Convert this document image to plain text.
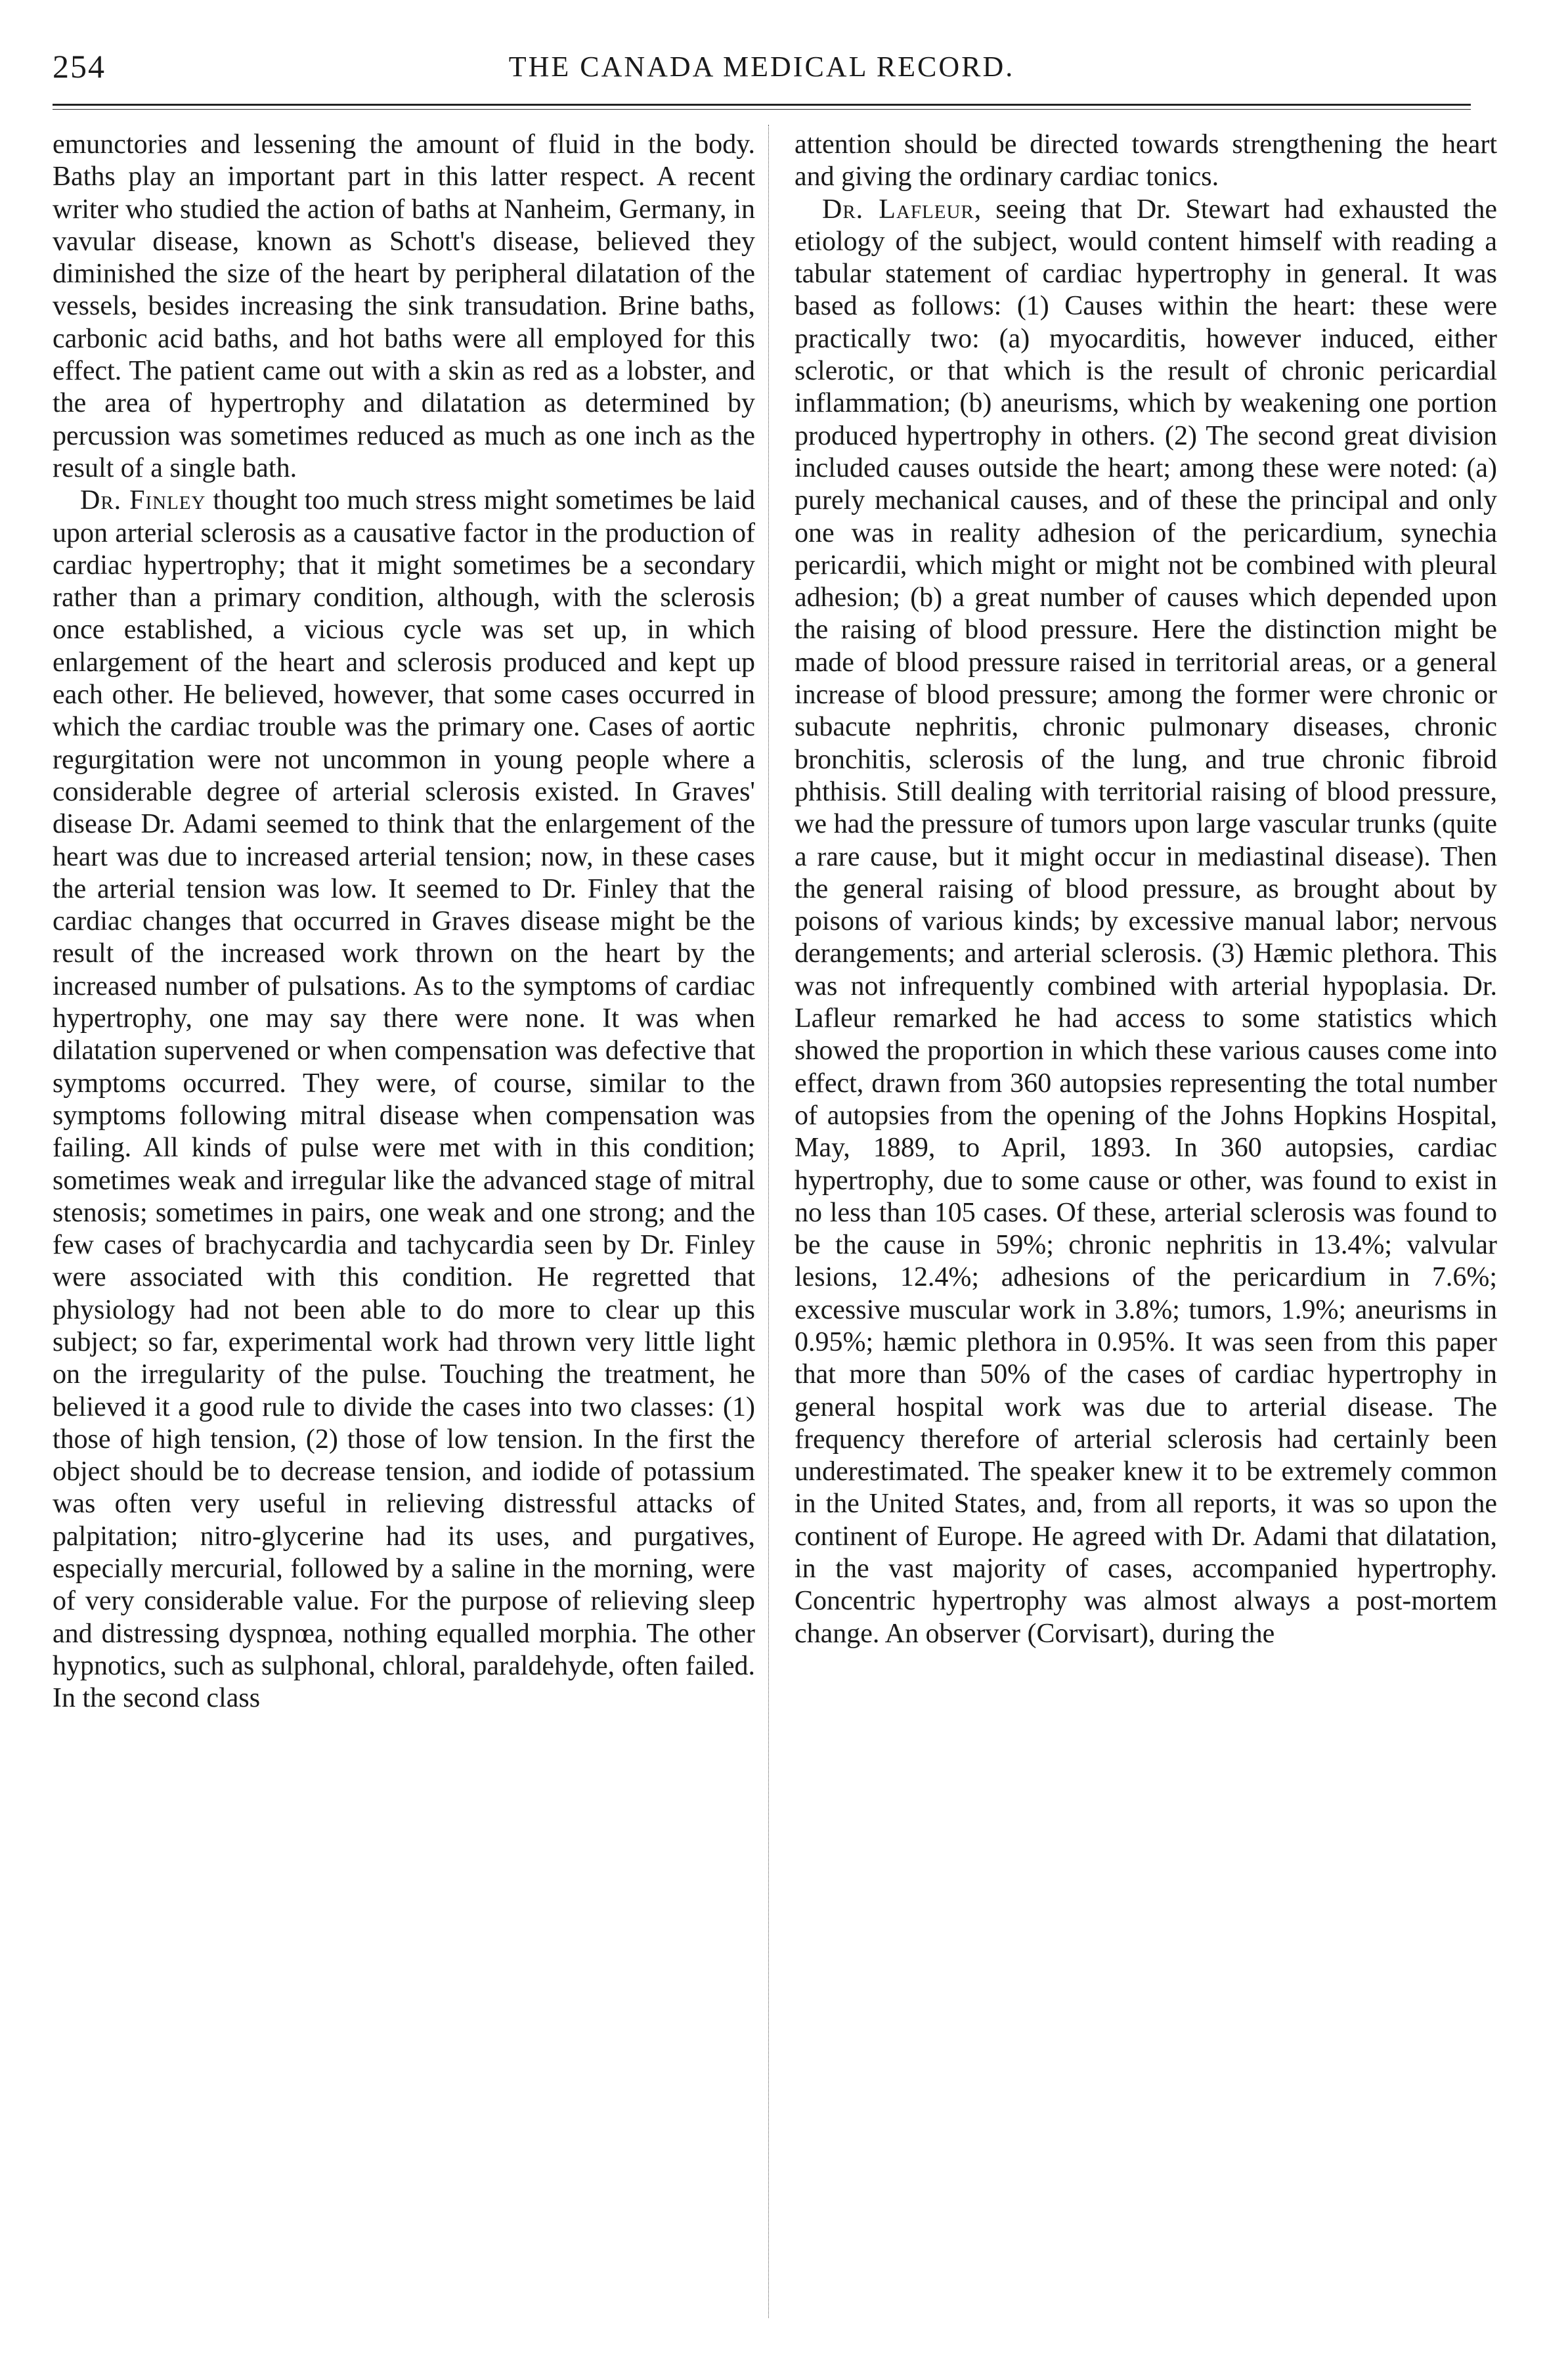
254	THE CANADA MEDICAL RECORD.

emunctories and lessening the amount of fluid in the body. Baths play an important part in this latter respect. A recent writer who studied the action of baths at Nanheim, Germany, in vavular disease, known as Schott's disease, believed they diminished the size of the heart by peripheral dilatation of the vessels, besides increasing the sink transudation. Brine baths, carbonic acid baths, and hot baths were all employed for this effect. The patient came out with a skin as red as a lobster, and the area of hypertrophy and dilatation as determined by percussion was sometimes reduced as much as one inch as the result of a single bath.

Dr. Finley thought too much stress might sometimes be laid upon arterial sclerosis as a causative factor in the production of cardiac hypertrophy; that it might sometimes be a secondary rather than a primary condition, although, with the sclerosis once established, a vicious cycle was set up, in which enlargement of the heart and sclerosis produced and kept up each other. He believed, however, that some cases occurred in which the cardiac trouble was the primary one. Cases of aortic regurgitation were not uncommon in young people where a considerable degree of arterial sclerosis existed. In Graves' disease Dr. Adami seemed to think that the enlargement of the heart was due to increased arterial tension; now, in these cases the arterial tension was low. It seemed to Dr. Finley that the cardiac changes that occurred in Graves disease might be the result of the increased work thrown on the heart by the increased number of pulsations. As to the symptoms of cardiac hypertrophy, one may say there were none. It was when dilatation supervened or when compensation was defective that symptoms occurred. They were, of course, similar to the symptoms following mitral disease when compensation was failing. All kinds of pulse were met with in this condition; sometimes weak and irregular like the advanced stage of mitral stenosis; sometimes in pairs, one weak and one strong; and the few cases of brachycardia and tachycardia seen by Dr. Finley were associated with this condition. He regretted that physiology had not been able to do more to clear up this subject; so far, experimental work had thrown very little light on the irregularity of the pulse. Touching the treatment, he believed it a good rule to divide the cases into two classes: (1) those of high tension, (2) those of low tension. In the first the object should be to decrease tension, and iodide of potassium was often very useful in relieving distressful attacks of palpitation; nitro-glycerine had its uses, and purgatives, especially mercurial, followed by a saline in the morning, were of very considerable value. For the purpose of relieving sleep and distressing dyspnœa, nothing equalled morphia. The other hypnotics, such as sulphonal, chloral, paraldehyde, often failed. In the second class

attention should be directed towards strengthening the heart and giving the ordinary cardiac tonics.

Dr. Lafleur, seeing that Dr. Stewart had exhausted the etiology of the subject, would content himself with reading a tabular statement of cardiac hypertrophy in general. It was based as follows: (1) Causes within the heart: these were practically two: (a) myocarditis, however induced, either sclerotic, or that which is the result of chronic pericardial inflammation; (b) aneurisms, which by weakening one portion produced hypertrophy in others. (2) The second great division included causes outside the heart; among these were noted: (a) purely mechanical causes, and of these the principal and only one was in reality adhesion of the pericardium, synechia pericardii, which might or might not be combined with pleural adhesion; (b) a great number of causes which depended upon the raising of blood pressure. Here the distinction might be made of blood pressure raised in territorial areas, or a general increase of blood pressure; among the former were chronic or subacute nephritis, chronic pulmonary diseases, chronic bronchitis, sclerosis of the lung, and true chronic fibroid phthisis. Still dealing with territorial raising of blood pressure, we had the pressure of tumors upon large vascular trunks (quite a rare cause, but it might occur in mediastinal disease). Then the general raising of blood pressure, as brought about by poisons of various kinds; by excessive manual labor; nervous derangements; and arterial sclerosis. (3) Hæmic plethora. This was not infrequently combined with arterial hypoplasia. Dr. Lafleur remarked he had access to some statistics which showed the proportion in which these various causes come into effect, drawn from 360 autopsies representing the total number of autopsies from the opening of the Johns Hopkins Hospital, May, 1889, to April, 1893. In 360 autopsies, cardiac hypertrophy, due to some cause or other, was found to exist in no less than 105 cases. Of these, arterial sclerosis was found to be the cause in 59%; chronic nephritis in 13.4%; valvular lesions, 12.4%; adhesions of the pericardium in 7.6%; excessive muscular work in 3.8%; tumors, 1.9%; aneurisms in 0.95%; hæmic plethora in 0.95%. It was seen from this paper that more than 50% of the cases of cardiac hypertrophy in general hospital work was due to arterial disease. The frequency therefore of arterial sclerosis had certainly been underestimated. The speaker knew it to be extremely common in the United States, and, from all reports, it was so upon the continent of Europe. He agreed with Dr. Adami that dilatation, in the vast majority of cases, accompanied hypertrophy. Concentric hypertrophy was almost always a post-mortem change. An observer (Corvisart), during the
